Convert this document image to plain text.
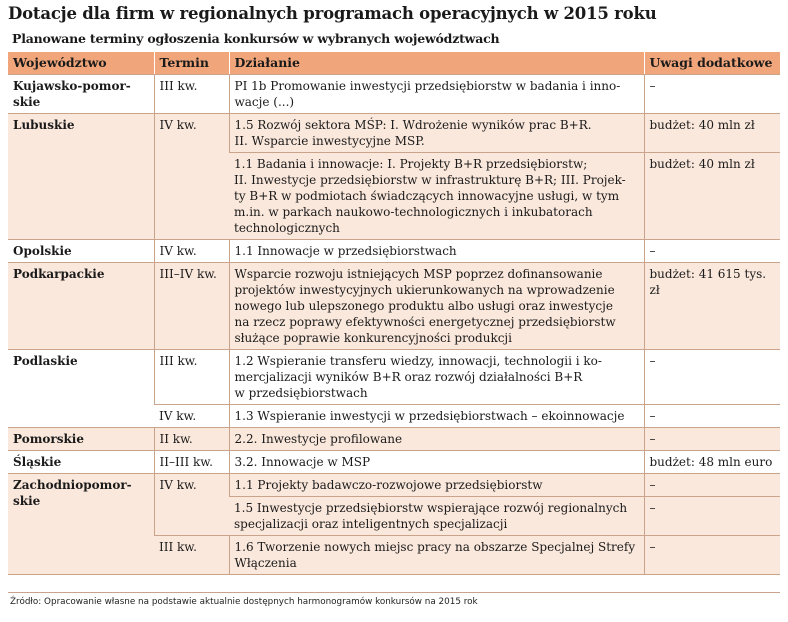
Dotacje dla firm w regionalnych programach operacyjnych w 2015 roku
Planowane terminy ogłoszenia konkursów w wybranych województwach
Województwo	Termin	Działanie	Uwagi dodatkowe
Kujawsko-pomor-
skie	III kw.	PI 1b Promowanie inwestycji przedsiębiorstw w badania i inno-
wacje (...)	–
Lubuskie	IV kw.	1.5 Rozwój sektora MŚP: I. Wdrożenie wyników prac B+R.
II. Wsparcie inwestycyjne MSP.	budżet: 40 mln zł
		1.1 Badania i innowacje: I. Projekty B+R przedsiębiorstw;
II. Inwestycje przedsiębiorstw w infrastrukturę B+R; III. Projek-
ty B+R w podmiotach świadczących innowacyjne usługi, w tym
m.in. w parkach naukowo-technologicznych i inkubatorach
technologicznych	budżet: 40 mln zł
Opolskie	IV kw.	1.1 Innowacje w przedsiębiorstwach	–
Podkarpackie	III–IV kw.	Wsparcie rozwoju istniejących MSP poprzez dofinansowanie
projektów inwestycyjnych ukierunkowanych na wprowadzenie
nowego lub ulepszonego produktu albo usługi oraz inwestycje
na rzecz poprawy efektywności energetycznej przedsiębiorstw
służące poprawie konkurencyjności produkcji	budżet: 41 615 tys. zł
Podlaskie	III kw.	1.2 Wspieranie transferu wiedzy, innowacji, technologii i ko-
mercjalizacji wyników B+R oraz rozwój działalności B+R
w przedsiębiorstwach	–
	IV kw.	1.3 Wspieranie inwestycji w przedsiębiorstwach – ekoinnowacje	–
Pomorskie	II kw.	2.2. Inwestycje profilowane	–
Śląskie	II–III kw.	3.2. Innowacje w MSP	budżet: 48 mln euro
Zachodniopomor-
skie	IV kw.	1.1 Projekty badawczo-rozwojowe przedsiębiorstw	–
		1.5 Inwestycje przedsiębiorstw wspierające rozwój regionalnych
specjalizacji oraz inteligentnych specjalizacji	–
	III kw.	1.6 Tworzenie nowych miejsc pracy na obszarze Specjalnej Strefy
Włączenia	–
Źródło: Opracowanie własne na podstawie aktualnie dostępnych harmonogramów konkursów na 2015 rok
